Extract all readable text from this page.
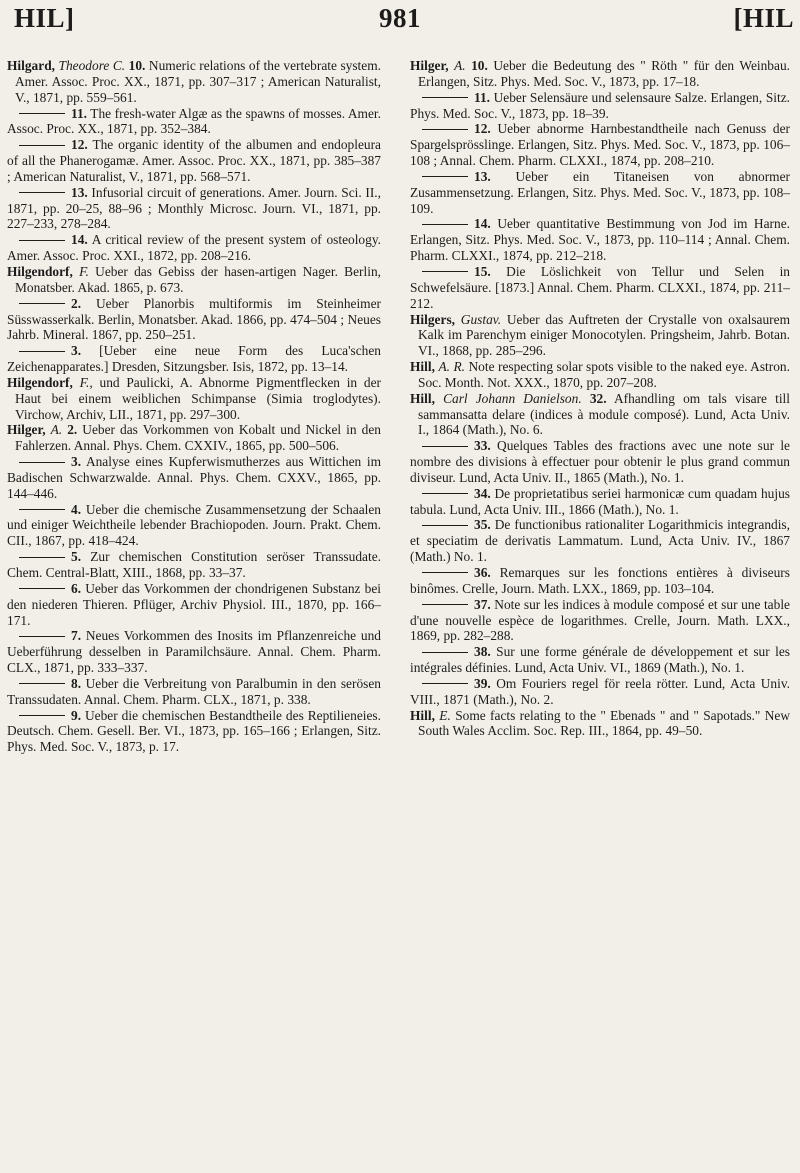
HIL]	981	[HIL

Hilgard, Theodore C. 10. Numeric relations of the vertebrate system. Amer. Assoc. Proc. XX., 1871, pp. 307–317 ; American Naturalist, V., 1871, pp. 559–561.

11. The fresh-water Algæ as the spawns of mosses. Amer. Assoc. Proc. XX., 1871, pp. 352–384.

12. The organic identity of the albumen and endopleura of all the Phanerogamæ. Amer. Assoc. Proc. XX., 1871, pp. 385–387 ; American Naturalist, V., 1871, pp. 568–571.

13. Infusorial circuit of generations. Amer. Journ. Sci. II., 1871, pp. 20–25, 88–96 ; Monthly Microsc. Journ. VI., 1871, pp. 227–233, 278–284.

14. A critical review of the present system of osteology. Amer. Assoc. Proc. XXI., 1872, pp. 208–216.

Hilgendorf, F. Ueber das Gebiss der hasen-artigen Nager. Berlin, Monatsber. Akad. 1865, p. 673.

2. Ueber Planorbis multiformis im Steinheimer Süsswasserkalk. Berlin, Monatsber. Akad. 1866, pp. 474–504 ; Neues Jahrb. Mineral. 1867, pp. 250–251.

3. [Ueber eine neue Form des Luca'schen Zeichenapparates.] Dresden, Sitzungsber. Isis, 1872, pp. 13–14.

Hilgendorf, F., und Paulicki, A. Abnorme Pigmentflecken in der Haut bei einem weiblichen Schimpanse (Simia troglodytes). Virchow, Archiv, LII., 1871, pp. 297–300.

Hilger, A. 2. Ueber das Vorkommen von Kobalt und Nickel in den Fahlerzen. Annal. Phys. Chem. CXXIV., 1865, pp. 500–506.

3. Analyse eines Kupferwismutherzes aus Wittichen im Badischen Schwarzwalde. Annal. Phys. Chem. CXXV., 1865, pp. 144–446.

4. Ueber die chemische Zusammensetzung der Schaalen und einiger Weichtheile lebender Brachiopoden. Journ. Prakt. Chem. CII., 1867, pp. 418–424.

5. Zur chemischen Constitution seröser Transsudate. Chem. Central-Blatt, XIII., 1868, pp. 33–37.

6. Ueber das Vorkommen der chondrigenen Substanz bei den niederen Thieren. Pflüger, Archiv Physiol. III., 1870, pp. 166–171.

7. Neues Vorkommen des Inosits im Pflanzenreiche und Ueberführung desselben in Paramilchsäure. Annal. Chem. Pharm. CLX., 1871, pp. 333–337.

8. Ueber die Verbreitung von Paralbumin in den serösen Transsudaten. Annal. Chem. Pharm. CLX., 1871, p. 338.

9. Ueber die chemischen Bestandtheile des Reptilieneies. Deutsch. Chem. Gesell. Ber. VI., 1873, pp. 165–166 ; Erlangen, Sitz. Phys. Med. Soc. V., 1873, p. 17.

Hilger, A. 10. Ueber die Bedeutung des " Röth " für den Weinbau. Erlangen, Sitz. Phys. Med. Soc. V., 1873, pp. 17–18.

11. Ueber Selensäure und selensaure Salze. Erlangen, Sitz. Phys. Med. Soc. V., 1873, pp. 18–39.

12. Ueber abnorme Harnbestandtheile nach Genuss der Spargelsprösslinge. Erlangen, Sitz. Phys. Med. Soc. V., 1873, pp. 106–108 ; Annal. Chem. Pharm. CLXXI., 1874, pp. 208–210.

13. Ueber ein Titaneisen von abnormer Zusammensetzung. Erlangen, Sitz. Phys. Med. Soc. V., 1873, pp. 108–109.

14. Ueber quantitative Bestimmung von Jod im Harne. Erlangen, Sitz. Phys. Med. Soc. V., 1873, pp. 110–114 ; Annal. Chem. Pharm. CLXXI., 1874, pp. 212–218.

15. Die Löslichkeit von Tellur und Selen in Schwefelsäure. [1873.] Annal. Chem. Pharm. CLXXI., 1874, pp. 211–212.

Hilgers, Gustav. Ueber das Auftreten der Crystalle von oxalsaurem Kalk im Parenchym einiger Monocotylen. Pringsheim, Jahrb. Botan. VI., 1868, pp. 285–296.

Hill, A. R. Note respecting solar spots visible to the naked eye. Astron. Soc. Month. Not. XXX., 1870, pp. 207–208.

Hill, Carl Johann Danielson. 32. Afhandling om tals visare till sammansatta delare (indices à module composé). Lund, Acta Univ. I., 1864 (Math.), No. 6.

33. Quelques Tables des fractions avec une note sur le nombre des divisions à effectuer pour obtenir le plus grand commun diviseur. Lund, Acta Univ. II., 1865 (Math.), No. 1.

34. De proprietatibus seriei harmonicæ cum quadam hujus tabula. Lund, Acta Univ. III., 1866 (Math.), No. 1.

35. De functionibus rationaliter Logarithmicis integrandis, et speciatim de derivatis Lammatum. Lund, Acta Univ. IV., 1867 (Math.) No. 1.

36. Remarques sur les fonctions entières à diviseurs binômes. Crelle, Journ. Math. LXX., 1869, pp. 103–104.

37. Note sur les indices à module composé et sur une table d'une nouvelle espèce de logarithmes. Crelle, Journ. Math. LXX., 1869, pp. 282–288.

38. Sur une forme générale de développement et sur les intégrales définies. Lund, Acta Univ. VI., 1869 (Math.), No. 1.

39. Om Fouriers regel för reela rötter. Lund, Acta Univ. VIII., 1871 (Math.), No. 2.

Hill, E. Some facts relating to the " Ebenads " and " Sapotads." New South Wales Acclim. Soc. Rep. III., 1864, pp. 49–50.
